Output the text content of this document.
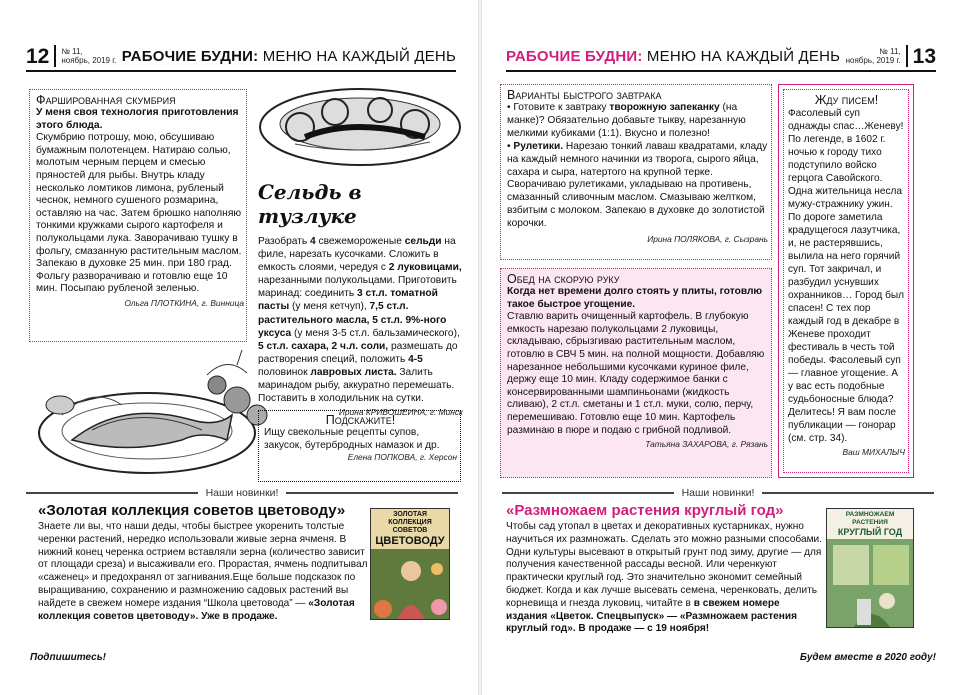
12 № 11,
ноябрь, 2019 г. РАБОЧИЕ БУДНИ: МЕНЮ НА КАЖДЫЙ ДЕНЬ
Фаршированная скумбрия
У меня своя технология приготовления этого блюда.
Скумбрию потрошу, мою, обсушиваю бумажным полотенцем. Натираю солью, молотым черным перцем и смесью пряностей для рыбы. Внутрь кладу несколько ломтиков лимона, рубленый чеснок, немного сушеного розмарина, оставляю на час. Затем брюшко наполняю тонкими кружками сырого картофеля и полукольцами лука. Заворачиваю тушку в фольгу, смазанную растительным маслом. Запекаю в духовке 25 мин. при 180 град. Фольгу разворачиваю и готовлю еще 10 мин. Посыпаю рубленой зеленью.
Ольга ПЛОТКИНА, г. Винница
Сельдь в тузлуке
Разобрать 4 свежемороженые сельди на филе, нарезать кусочками. Сложить в емкость слоями, чередуя с 2 луковицами, нарезанными полукольцами. Приготовить маринад: соединить 3 ст.л. томатной пасты (у меня кетчуп), 7,5 ст.л. растительного масла, 5 ст.л. 9%-ного уксуса (у меня 3-5 ст.л. бальзамического), 5 ст.л. сахара, 2 ч.л. соли, размешать до растворения специй, положить 4-5 половинок лавровых листа. Залить маринадом рыбу, аккуратно перемешать. Поставить в холодильник на сутки.
Ирина КРИВОШЕИНА, г. Минск
Подскажите!
Ищу свекольные рецепты супов, закусок, бутербродных намазок и др.
Елена ПОПКОВА, г. Херсон
Наши новинки!
«Золотая коллекция советов цветоводу»
Знаете ли вы, что наши деды, чтобы быстрее укоренить толстые черенки растений, нередко использовали живые зерна ячменя. В нижний конец черенка острием вставляли зерна (количество зависит от площади среза) и высаживали его. Прорастая, ячмень подпитывал «саженец» и предохранял от загнивания.Еще больше подсказок по выращиванию, сохранению и размножению садовых растений вы найдете в свежем номере издания “Школа цветовода” — «Золотая коллекция советов цветоводу». Уже в продаже.
ЗОЛОТАЯ КОЛЛЕКЦИЯ
СОВЕТОВ
ЦВЕТОВОДУ
Подпишитесь!
РАБОЧИЕ БУДНИ: МЕНЮ НА КАЖДЫЙ ДЕНЬ	№ 11,
ноябрь, 2019 г. 13
Варианты быстрого завтрака
• Готовите к завтраку творожную запеканку (на манке)? Обязательно добавьте тыкву, нарезанную мелкими кубиками (1:1). Вкусно и полезно!
• Рулетики. Нарезаю тонкий лаваш квадратами, кладу на каждый немного начинки из творога, сырого яйца, сахара и сыра, натертого на крупной терке. Сворачиваю рулетиками, укладываю на противень, смазанный сливочным маслом. Смазываю желтком, взбитым с молоком. Запекаю в духовке до золотистой корочки.
Ирина ПОЛЯКОВА, г. Сызрань
Жду писем!
Фасолевый суп однажды спас…Женеву! По легенде, в 1602 г. ночью к городу тихо подступило войско герцога Савойского. Одна жительница несла мужу-стражнику ужин. По дороге заметила крадущегося лазутчика, и, не растерявшись, вылила на него горячий суп. Тот закричал, и разбудил уснувших охранников… Город был спасен! С тех пор каждый год в декабре в Женеве проходит фестиваль в честь той победы. Фасолевый суп — главное угощение. А у вас есть подобные судьбоносные блюда? Делитесь! Я вам после публикации — гонорар (см. стр. 34).
Ваш МИХАЛЫЧ
Обед на скорую руку
Когда нет времени долго стоять у плиты, готовлю такое быстрое угощение.
Ставлю варить очищенный картофель. В глубокую емкость нарезаю полукольцами 2 луковицы, складываю, сбрызгиваю растительным маслом, готовлю в СВЧ 5 мин. на полной мощности. Добавляю нарезанное небольшими кусочками куриное филе, держу еще 10 мин. Кладу содержимое банки с консервированными шампиньонами (жидкость сливаю), 2 ст.л. сметаны и 1 ст.л. муки, солю, перчу, перемешиваю. Готовлю еще 10 мин. Картофель разминаю в пюре и подаю с грибной подливой.
Татьяна ЗАХАРОВА, г. Рязань
Наши новинки!
«Размножаем растения круглый год»
Чтобы сад утопал в цветах и декоративных кустарниках, нужно научиться их размножать. Сделать это можно разными способами. Одни культуры высевают в открытый грунт под зиму, другие — для получения качественной рассады весной. Или черенкуют практически круглый год. Это значительно экономит семейный бюджет. Когда и как лучше высевать семена, черенковать, делить корневища и гнезда луковиц, читайте в в свежем номере издания «Цветок. Спецвыпуск» — «Размножаем растения круглый год». В продаже — с 19 ноября!
РАЗМНОЖАЕМ РАСТЕНИЯ
КРУГЛЫЙ ГОД
Будем вместе в 2020 году!
